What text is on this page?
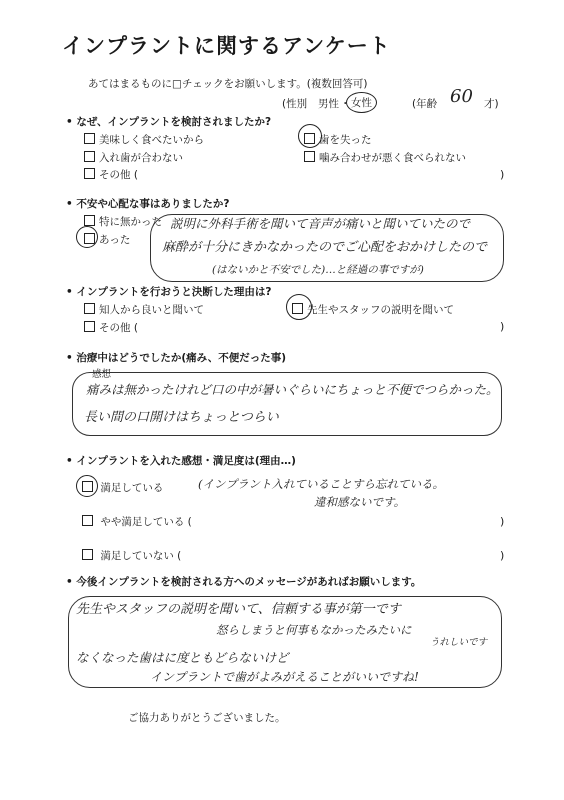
インプラントに関するアンケート
あてはまるものに□チェックをお願いします。(複数回答可)
(性別 男性 ・ 女性	(年齢 60 才)
• なぜ、インプラントを検討されましたか?
美味しく食べたいから	歯を失った
入れ歯が合わない	噛み合わせが悪く食べられない
その他 (	)
• 不安や心配な事はありましたか?
特に無かった
あった
説明に外科手術を聞いて音声が痛いと聞いていたので
麻酔が十分にきかなかったのでご心配をおかけしたので
(はないかと不安でした)…と経過の事ですが)
• インプラントを行おうと決断した理由は?
知人から良いと聞いて	先生やスタッフの説明を聞いて
その他 (	)
• 治療中はどうでしたか(痛み、不便だった事)
感想
痛みは無かったけれど口の中が暑いぐらいにちょっと不便でつらかった。
長い間の口開けはちょっとつらい
• インプラントを入れた感想・満足度は(理由…)
満足している	(インプラント入れていることすら忘れている。
違和感ないです。
やや満足している (	)
満足していない (	)
• 今後インプラントを検討される方へのメッセージがあればお願いします。
先生やスタッフの説明を聞いて、信頼する事が第一です
怒らしまうと何事もなかったみたいに
うれしいです
なくなった歯はに度ともどらないけど
インプラントで歯がよみがえることがいいですね!
ご協力ありがとうございました。
